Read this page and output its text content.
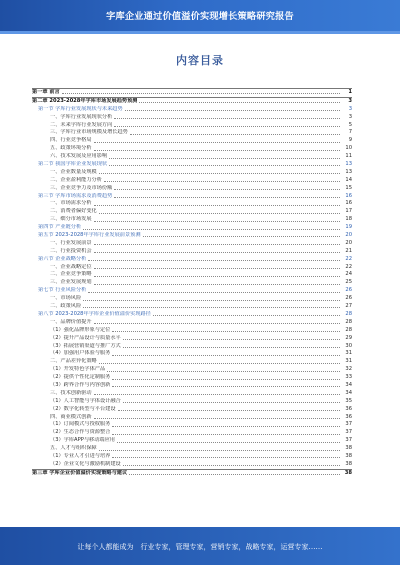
字库企业通过价值溢价实现增长策略研究报告
内容目录
第一章 前言	1
第二章 2023-2028年字库市场发展趋势预测	3
第一节 字库行业发展现状与未来趋势	3
一、字库行业发展现状分析	3
二、未来字库行业发展方向	5
三、字库行业市场规模及增长趋势	7
四、行业竞争格局	9
五、政策环境分析	10
六、技术发展及应用影响	11
第二节 我国字库企业发展现状	13
一、企业数量及规模	13
二、企业盈利能力分析	14
三、企业竞争力及市场份额	15
第三节 字库市场需求及消费趋势	16
一、市场需求分析	16
二、消费者偏好变化	17
三、细分市场发展	18
第四节 产业链分析	19
第五节 2023-2028年字库行业发展前景预测	20
一、行业发展前景	20
二、行业投资机会	21
第六节 企业战略分析	22
一、企业战略定位	22
二、企业竞争策略	24
三、企业发展规划	25
第七节 行业风险分析	26
一、市场风险	26
二、政策风险	27
第八节 2023-2028年字库企业价值溢价实现路径	28
一、品牌价值提升	28
（1）强化品牌形象与定位	28
（2）提升产品设计与质量水平	29
（3）拓展营销渠道与推广方式	30
（4）加强用户体验与服务	31
二、产品差异化策略	31
（1）开发特色字体产品	32
（2）提供个性化定制服务	33
（3）跨界合作与内容创新	34
三、技术创新驱动	34
（1）人工智能与字体设计融合	35
（2）数字化转型与平台建设	36
四、商业模式创新	36
（1）订阅模式与授权服务	37
（2）生态合作与资源整合	37
（3）字库APP与移动端应用	37
五、人才与组织保障	38
（1）专业人才引进与培养	38
（2）企业文化与激励机制建设	38
第三章 字库企业价值溢价实现策略与建议	38
让每个人都能成为　行业专家，管理专家，营销专家，战略专家，运营专家……
